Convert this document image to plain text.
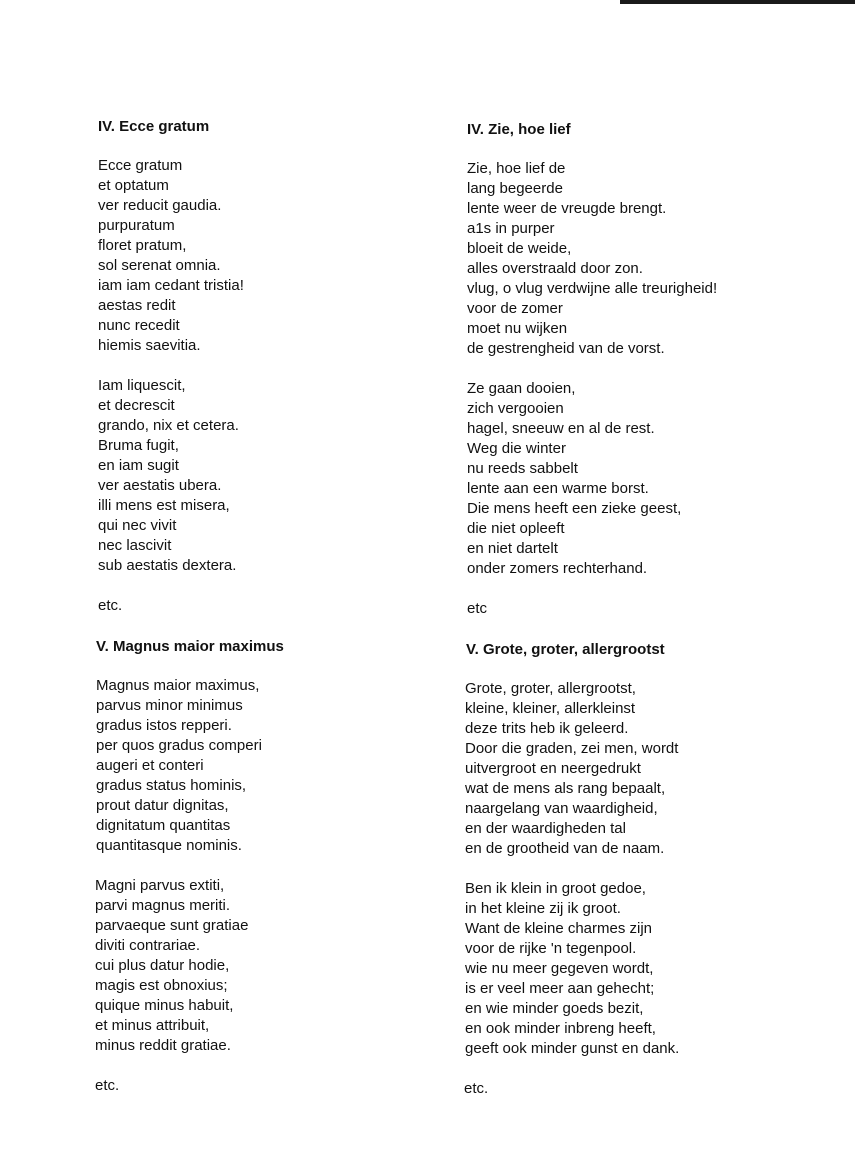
IV. Ecce gratum
Ecce gratum
et optatum
ver reducit gaudia.
purpuratum
floret pratum,
sol serenat omnia.
iam iam cedant tristia!
aestas redit
nunc recedit
hiemis saevitia.
Iam liquescit,
et decrescit
grando, nix et cetera.
Bruma fugit,
en iam sugit
ver aestatis ubera.
illi mens est misera,
qui nec vivit
nec lascivit
sub aestatis dextera.
etc.
V. Magnus maior maximus
Magnus maior maximus,
parvus minor minimus
gradus istos repperi.
per quos gradus comperi
augeri et conteri
gradus status hominis,
prout datur dignitas,
dignitatum quantitas
quantitasque nominis.
Magni parvus extiti,
parvi magnus meriti.
parvaeque sunt gratiae
diviti contrariae.
cui plus datur hodie,
magis est obnoxius;
quique minus habuit,
et minus attribuit,
minus reddit gratiae.
etc.
IV. Zie, hoe lief
Zie, hoe lief de
lang begeerde
lente weer de vreugde brengt.
a1s in purper
bloeit de weide,
alles overstraald door zon.
vlug, o vlug verdwijne alle treurigheid!
voor de zomer
moet nu wijken
de gestrengheid van de vorst.
Ze gaan dooien,
zich vergooien
hagel, sneeuw en al de rest.
Weg die winter
nu reeds sabbelt
lente aan een warme borst.
Die mens heeft een zieke geest,
die niet opleeft
en niet dartelt
onder zomers rechterhand.
etc
V. Grote, groter, allergrootst
Grote, groter, allergrootst,
kleine, kleiner, allerkleinst
deze trits heb ik geleerd.
Door die graden, zei men, wordt
uitvergroot en neergedrukt
wat de mens als rang bepaalt,
naargelang van waardigheid,
en der waardigheden tal
en de grootheid van de naam.
Ben ik klein in groot gedoe,
in het kleine zij ik groot.
Want de kleine charmes zijn
voor de rijke 'n tegenpool.
wie nu meer gegeven wordt,
is er veel meer aan gehecht;
en wie minder goeds bezit,
en ook minder inbreng heeft,
geeft ook minder gunst en dank.
etc.
